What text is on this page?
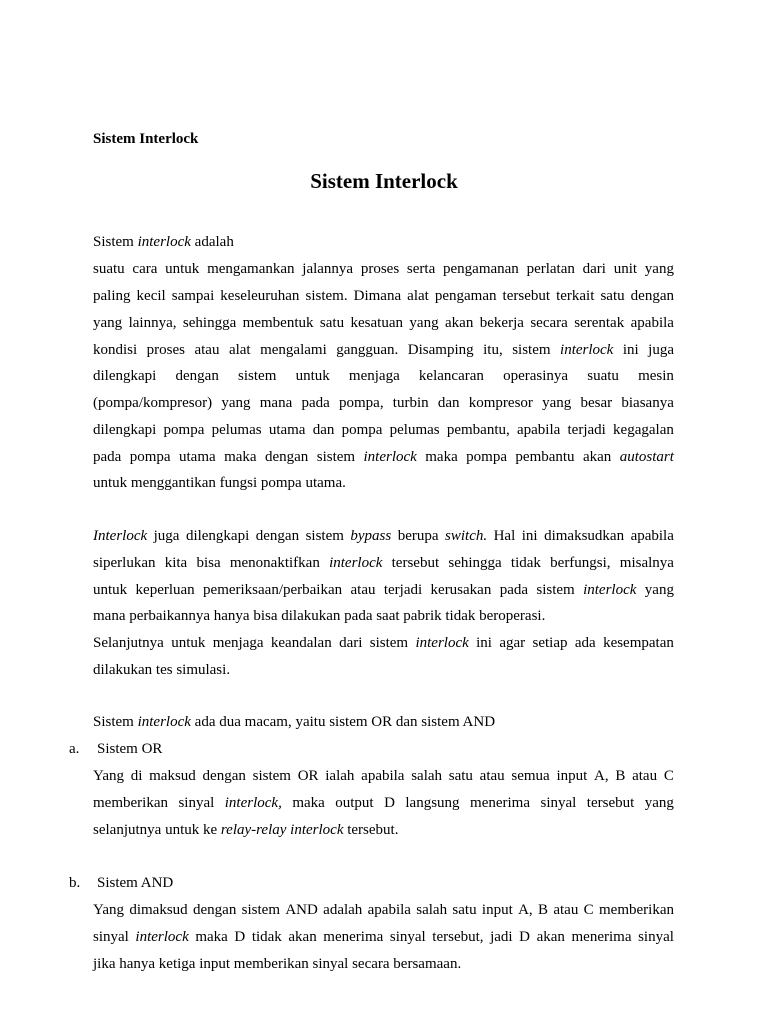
Sistem Interlock
Sistem Interlock
Sistem interlock adalah
suatu cara untuk mengamankan jalannya proses serta pengamanan perlatan dari unit yang
paling kecil sampai keseleuruhan sistem. Dimana alat pengaman tersebut terkait satu dengan
yang lainnya, sehingga membentuk satu kesatuan yang akan bekerja secara serentak apabila
kondisi proses atau alat mengalami gangguan. Disamping itu, sistem interlock ini juga
dilengkapi dengan sistem untuk menjaga kelancaran operasinya suatu mesin
(pompa/kompresor) yang mana pada pompa, turbin dan kompresor yang besar biasanya
dilengkapi pompa pelumas utama dan pompa pelumas pembantu, apabila terjadi kegagalan
pada pompa utama maka dengan sistem interlock maka pompa pembantu akan autostart
untuk menggantikan fungsi pompa utama.
Interlock juga dilengkapi dengan sistem bypass berupa switch. Hal ini dimaksudkan apabila
siperlukan kita bisa menonaktifkan interlock tersebut sehingga tidak berfungsi, misalnya
untuk keperluan pemeriksaan/perbaikan atau terjadi kerusakan pada sistem interlock yang
mana perbaikannya hanya bisa dilakukan pada saat pabrik tidak beroperasi.
Selanjutnya untuk menjaga keandalan dari sistem interlock ini agar setiap ada kesempatan
dilakukan tes simulasi.
Sistem interlock ada dua macam, yaitu sistem OR dan sistem AND
a. Sistem OR
Yang di maksud dengan sistem OR ialah apabila salah satu atau semua input A, B atau C
memberikan sinyal interlock, maka output D langsung menerima sinyal tersebut yang
selanjutnya untuk ke relay-relay interlock tersebut.
b. Sistem AND
Yang dimaksud dengan sistem AND adalah apabila salah satu input A, B atau C memberikan
sinyal interlock maka D tidak akan menerima sinyal tersebut, jadi D akan menerima sinyal
jika hanya ketiga input memberikan sinyal secara bersamaan.
